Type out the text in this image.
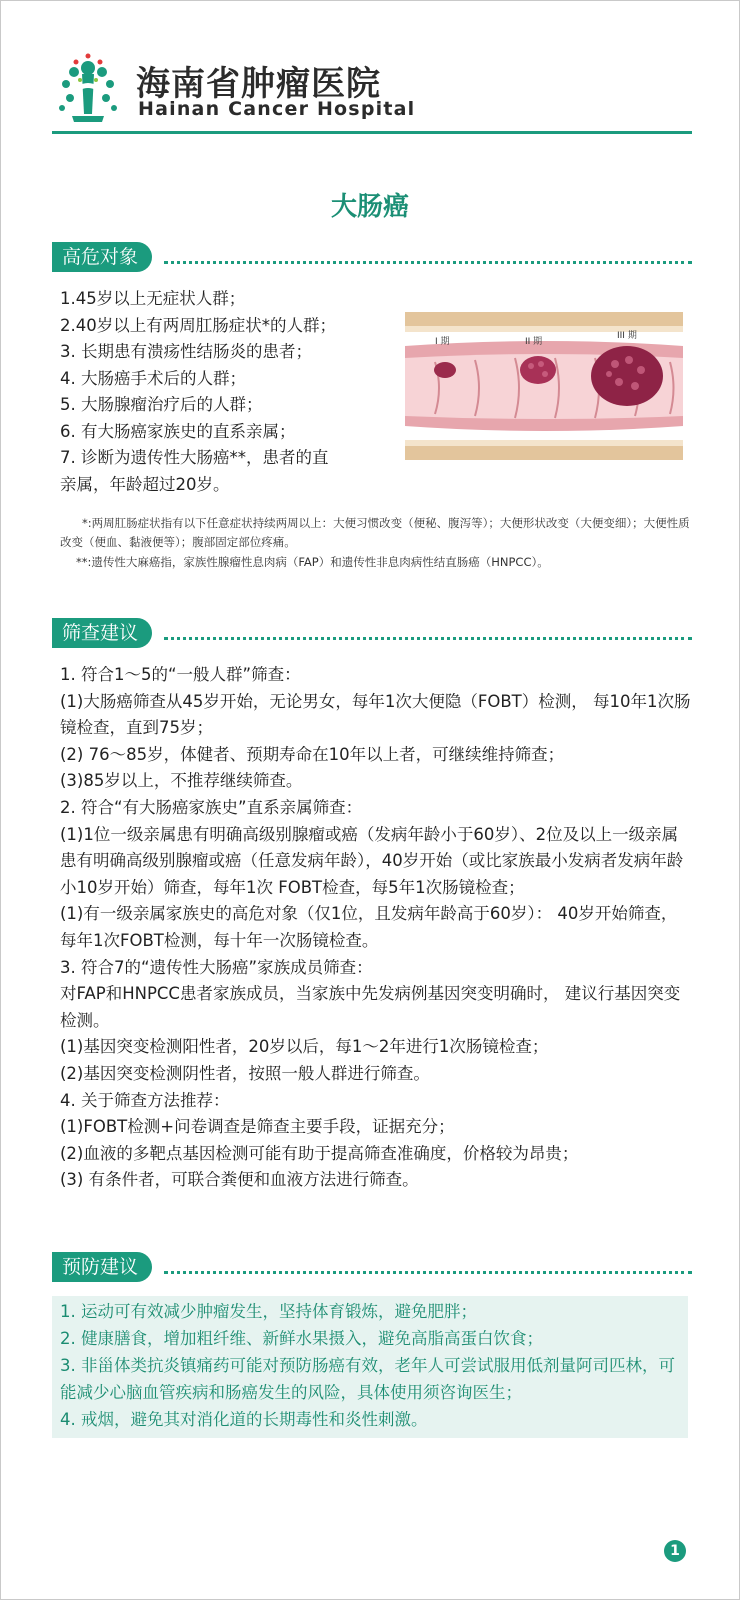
海南省肿瘤医院
Hainan Cancer Hospital
大肠癌
高危对象
1.45岁以上无症状人群；
2.40岁以上有两周肛肠症状*的人群；
3. 长期患有溃疡性结肠炎的患者；
4. 大肠癌手术后的人群；
5. 大肠腺瘤治疗后的人群；
6. 有大肠癌家族史的直系亲属；
7. 诊断为遗传性大肠癌**，患者的直
亲属，年龄超过20岁。
I 期	II 期
III 期
*:两周肛肠症状指有以下任意症状持续两周以上：大便习惯改变（便秘、腹泻等）；大便形状改变（大便变细）；大便性质改变（便血、黏液便等）；腹部固定部位疼痛。
**:遗传性大麻癌指，家族性腺瘤性息肉病（FAP）和遗传性非息肉病性结直肠癌（HNPCC）。
筛查建议
1. 符合1～5的“一般人群”筛查：
(1)大肠癌筛查从45岁开始，无论男女，每年1次大便隐（FOBT）检测， 每10年1次肠镜检查，直到75岁；
(2) 76～85岁，体健者、预期寿命在10年以上者，可继续维持筛查；
(3)85岁以上，不推荐继续筛查。
2. 符合“有大肠癌家族史”直系亲属筛查：
(1)1位一级亲属患有明确高级别腺瘤或癌（发病年龄小于60岁）、2位及以上一级亲属患有明确高级别腺瘤或癌（任意发病年龄），40岁开始（或比家族最小发病者发病年龄小10岁开始）筛查，每年1次 FOBT检查，每5年1次肠镜检查；
(1)有一级亲属家族史的高危对象（仅1位，且发病年龄高于60岁）： 40岁开始筛查，每年1次FOBT检测，每十年一次肠镜检查。
3. 符合7的“遗传性大肠癌”家族成员筛查：
对FAP和HNPCC患者家族成员，当家族中先发病例基因突变明确时， 建议行基因突变检测。
(1)基因突变检测阳性者，20岁以后，每1～2年进行1次肠镜检查；
(2)基因突变检测阴性者，按照一般人群进行筛查。
4. 关于筛查方法推荐：
(1)FOBT检测+问卷调查是筛查主要手段，证据充分；
(2)血液的多靶点基因检测可能有助于提高筛查准确度，价格较为昂贵；
(3) 有条件者，可联合粪便和血液方法进行筛查。
预防建议
1. 运动可有效减少肿瘤发生，坚持体育锻炼，避免肥胖；
2. 健康膳食，增加粗纤维、新鲜水果摄入，避免高脂高蛋白饮食；
3. 非甾体类抗炎镇痛药可能对预防肠癌有效，老年人可尝试服用低剂量阿司匹林，可能减少心脑血管疾病和肠癌发生的风险，具体使用须咨询医生；
4. 戒烟，避免其对消化道的长期毒性和炎性刺激。
1
